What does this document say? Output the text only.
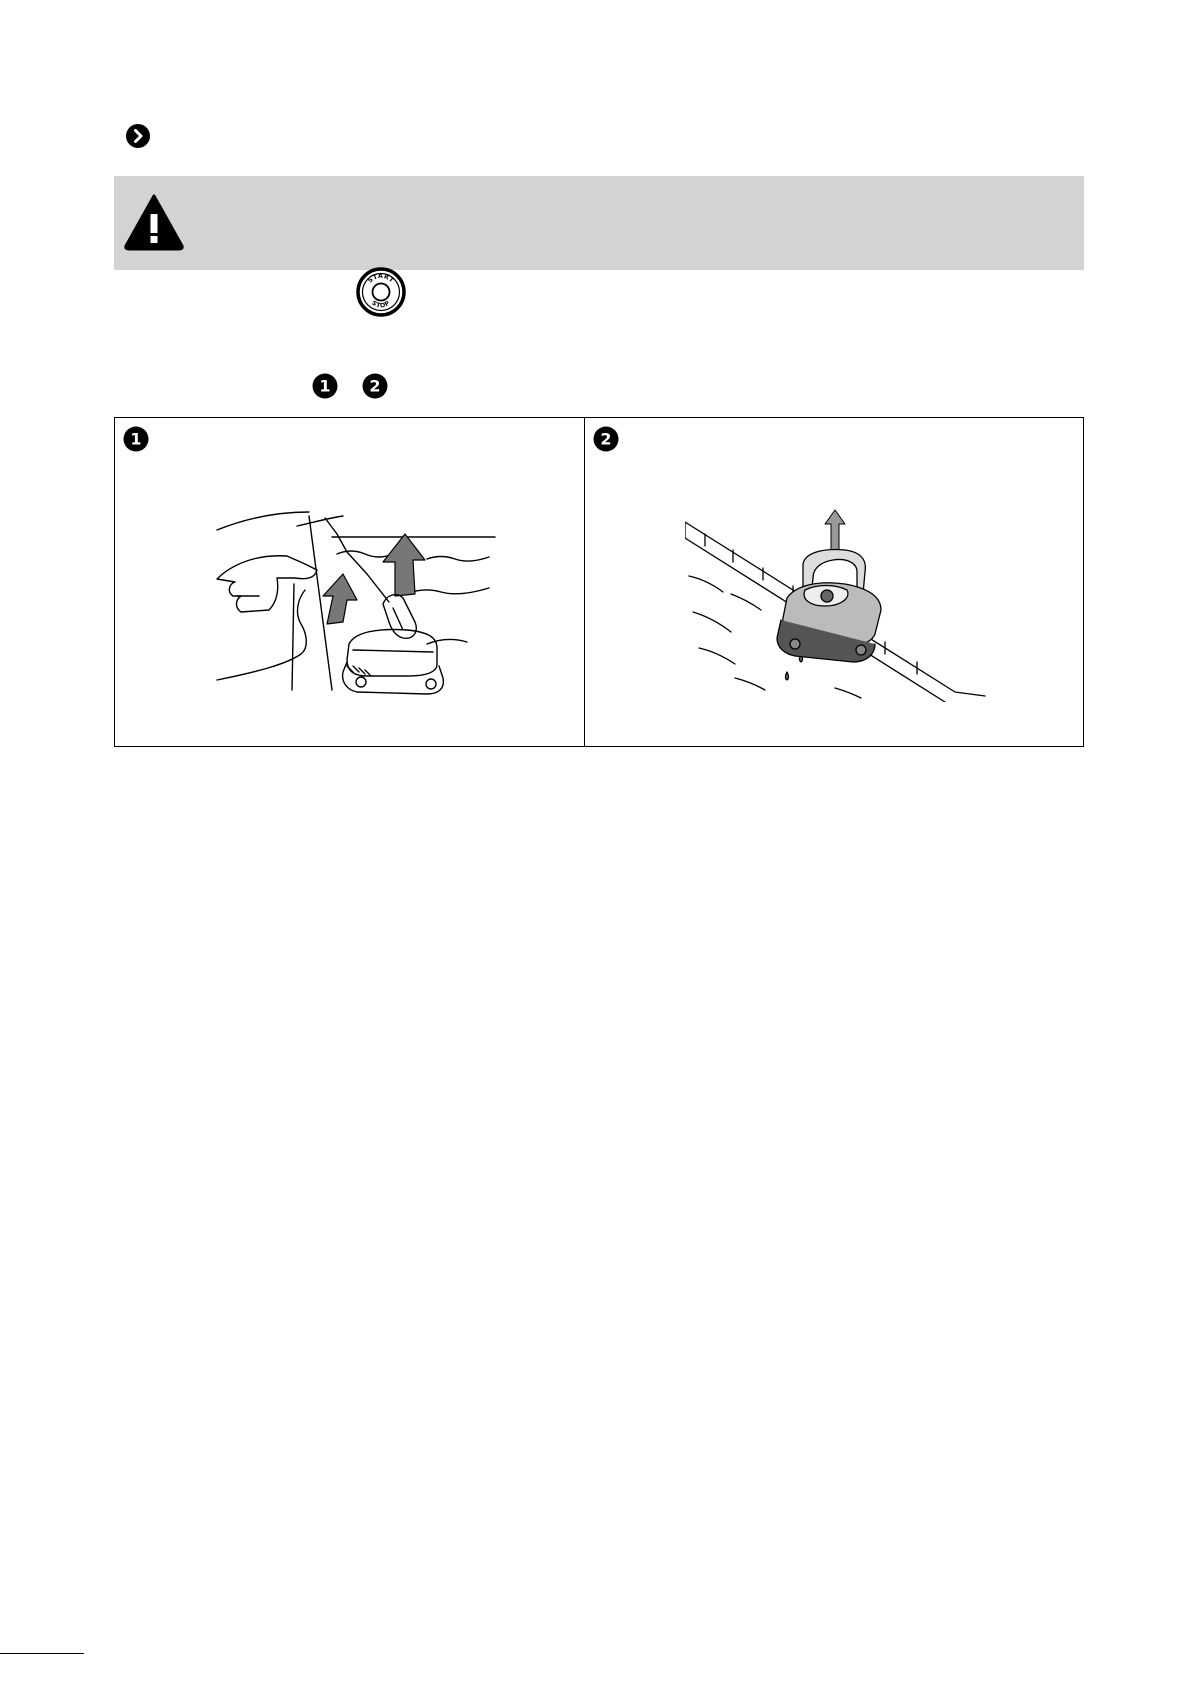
START
STOP
1 2
1	2
